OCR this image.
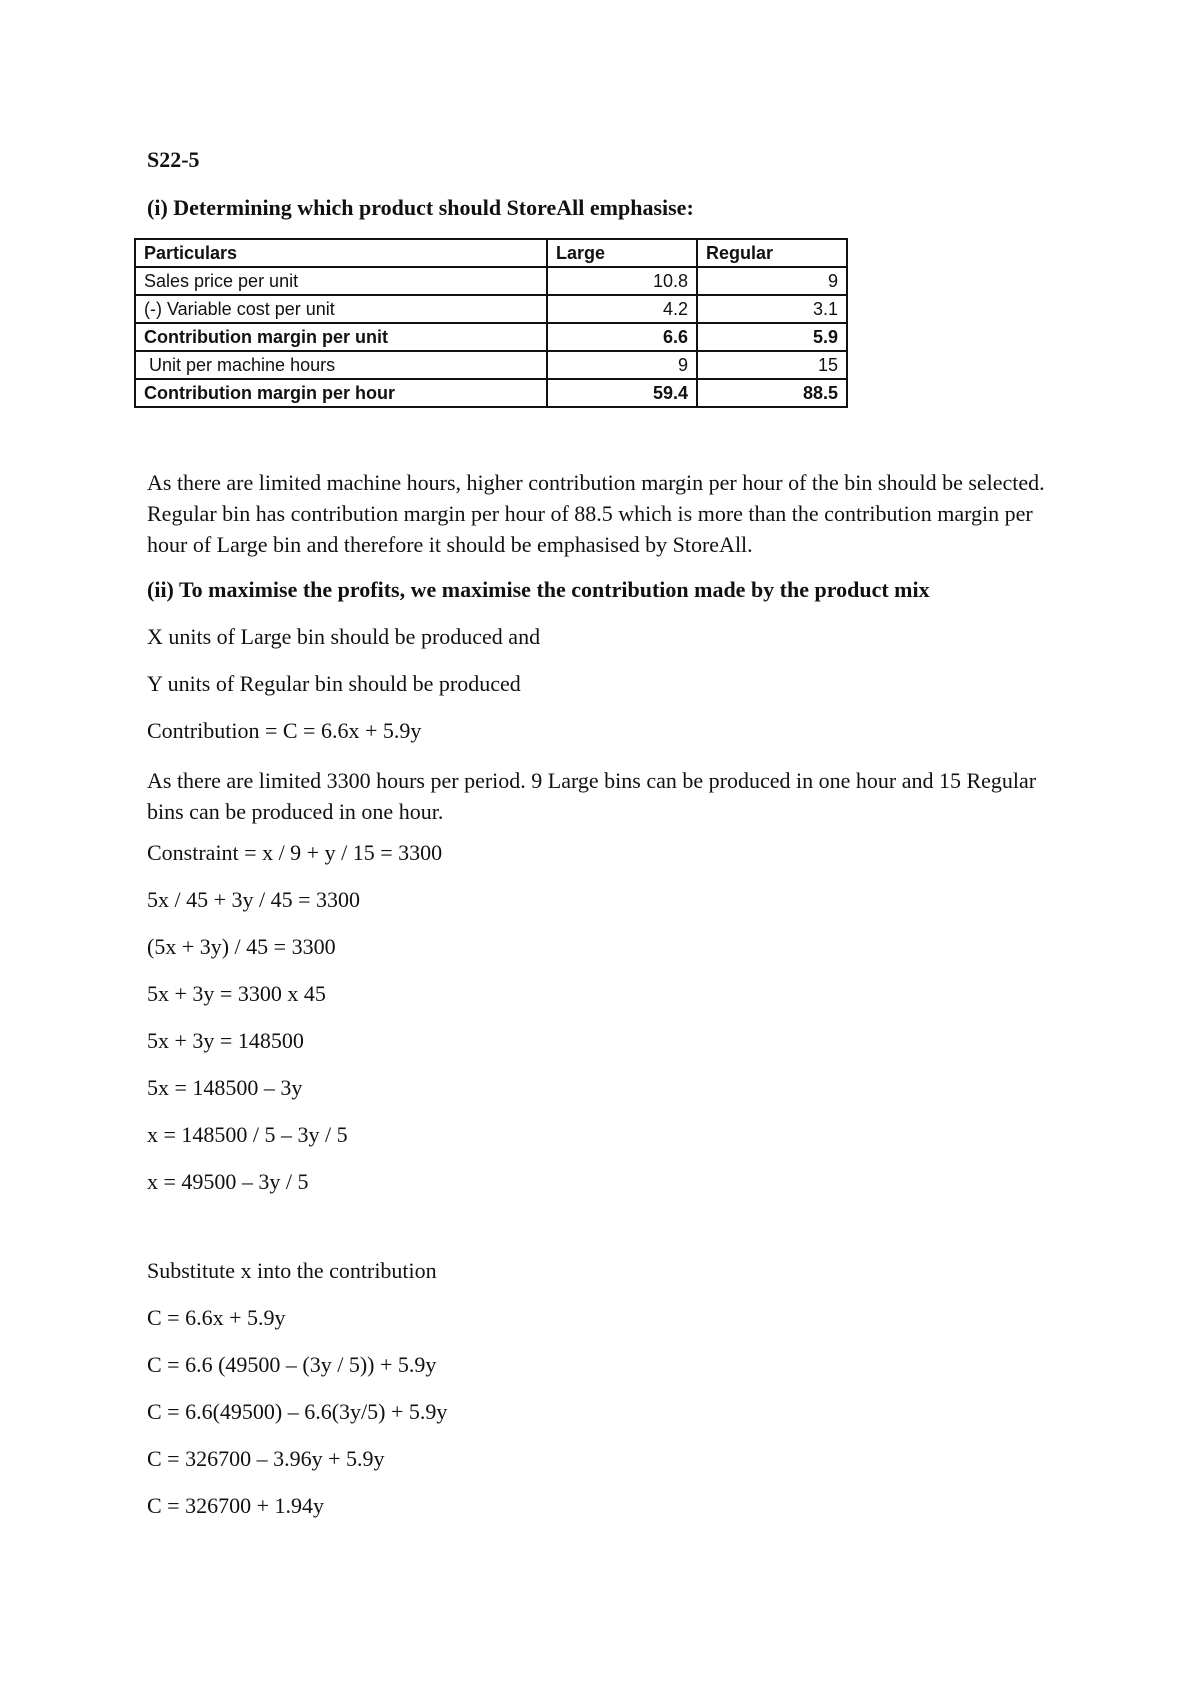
S22-5
(i) Determining which product should StoreAll emphasise:
Particulars	Large	Regular
Sales price per unit	10.8	9
(-) Variable cost per unit	4.2	3.1
Contribution margin per unit	6.6	5.9
Unit per machine hours	9	15
Contribution margin per hour	59.4	88.5
As there are limited machine hours, higher contribution margin per hour of the bin should be selected. Regular bin has contribution margin per hour of 88.5 which is more than the contribution margin per hour of Large bin and therefore it should be emphasised by StoreAll.
(ii) To maximise the profits, we maximise the contribution made by the product mix
X units of Large bin should be produced and
Y units of Regular bin should be produced
Contribution = C = 6.6x + 5.9y
As there are limited 3300 hours per period. 9 Large bins can be produced in one hour and 15 Regular bins can be produced in one hour.
Constraint = x / 9 + y / 15 = 3300
5x / 45 + 3y / 45 = 3300
(5x + 3y) / 45 = 3300
5x + 3y = 3300 x 45
5x + 3y = 148500
5x = 148500 – 3y
x = 148500 / 5 – 3y / 5
x = 49500 – 3y / 5
Substitute x into the contribution
C = 6.6x + 5.9y
C = 6.6 (49500 – (3y / 5)) + 5.9y
C = 6.6(49500) – 6.6(3y/5) + 5.9y
C = 326700 – 3.96y + 5.9y
C = 326700 + 1.94y
